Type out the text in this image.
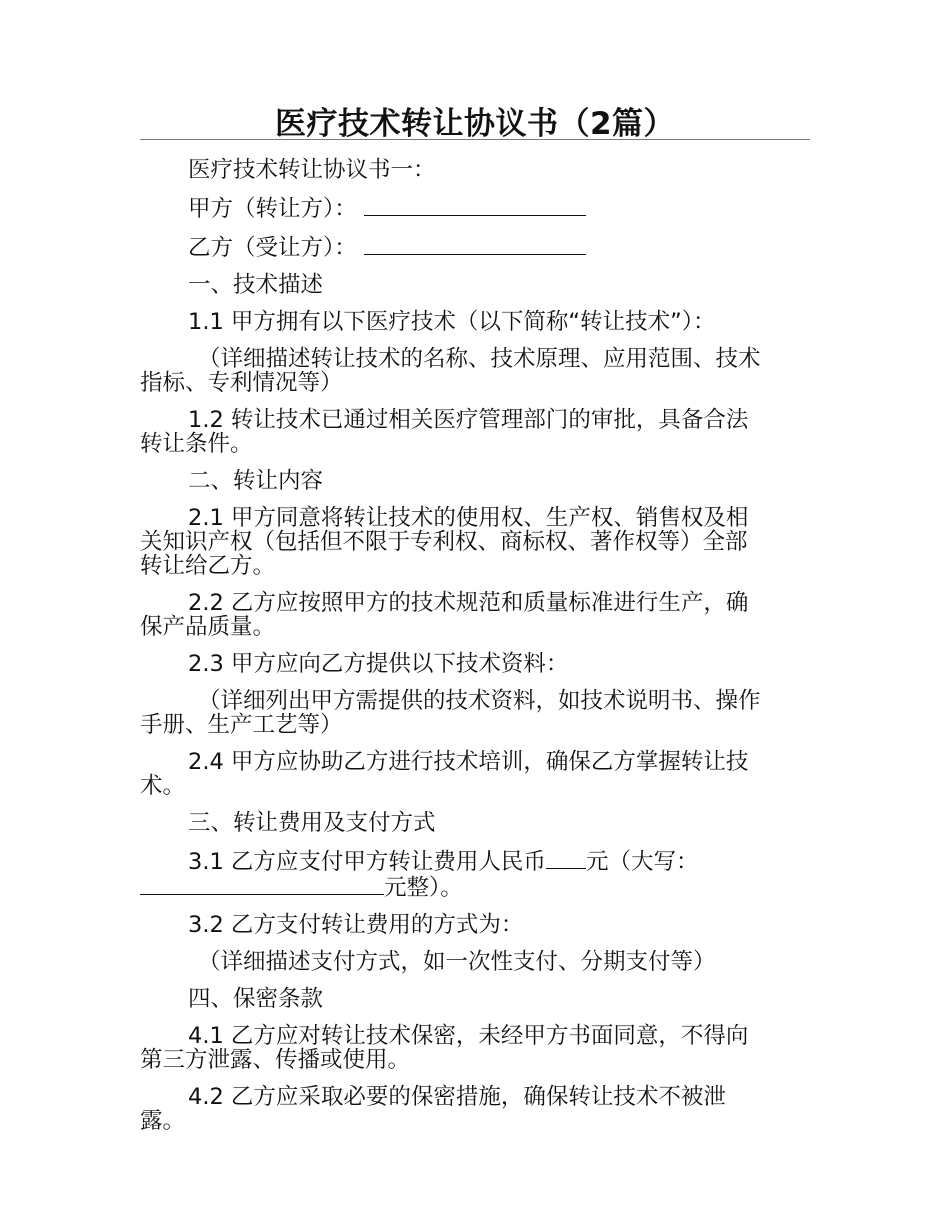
医疗技术转让协议书（2篇）

医疗技术转让协议书一：

甲方（转让方）：

乙方（受让方）：

一、技术描述

1.1 甲方拥有以下医疗技术（以下简称“转让技术”）：

（详细描述转让技术的名称、技术原理、应用范围、技术

指标、专利情况等）

1.2 转让技术已通过相关医疗管理部门的审批，具备合法

转让条件。

二、转让内容

2.1 甲方同意将转让技术的使用权、生产权、销售权及相

关知识产权（包括但不限于专利权、商标权、著作权等）全部

转让给乙方。

2.2 乙方应按照甲方的技术规范和质量标准进行生产，确

保产品质量。

2.3 甲方应向乙方提供以下技术资料：

（详细列出甲方需提供的技术资料，如技术说明书、操作

手册、生产工艺等）

2.4 甲方应协助乙方进行技术培训，确保乙方掌握转让技

术。

三、转让费用及支付方式

3.1 乙方应支付甲方转让费用人民币 元（大写：

元整）。

3.2 乙方支付转让费用的方式为：

（详细描述支付方式，如一次性支付、分期支付等）

四、保密条款

4.1 乙方应对转让技术保密，未经甲方书面同意，不得向

第三方泄露、传播或使用。

4.2 乙方应采取必要的保密措施，确保转让技术不被泄

露。
